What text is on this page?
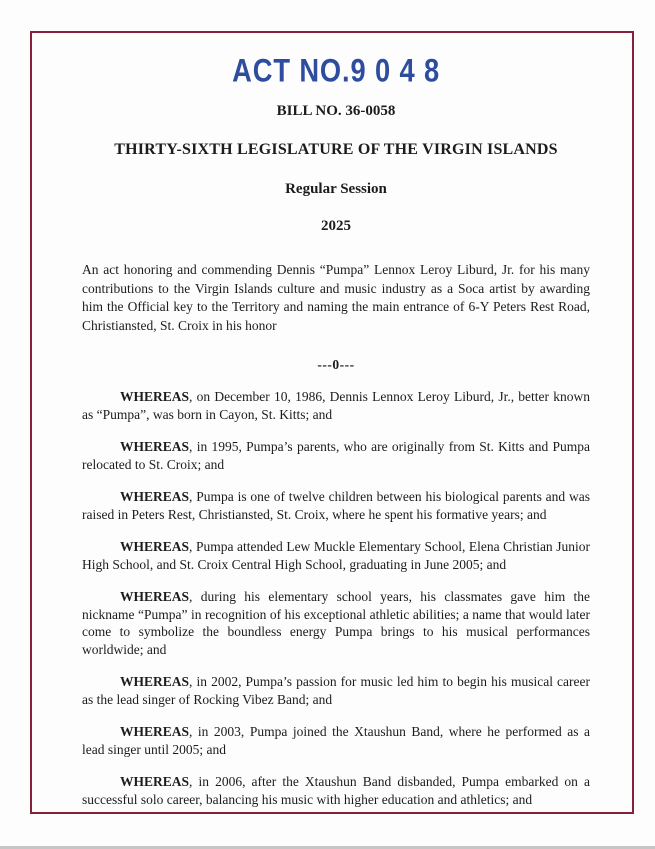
ACT NO.9 0 4 8
BILL NO. 36-0058
THIRTY-SIXTH LEGISLATURE OF THE VIRGIN ISLANDS
Regular Session
2025

An act honoring and commending Dennis “Pumpa” Lennox Leroy Liburd, Jr. for his many contributions to the Virgin Islands culture and music industry as a Soca artist by awarding him the Official key to the Territory and naming the main entrance of 6-Y Peters Rest Road, Christiansted, St. Croix in his honor

---0---

WHEREAS, on December 10, 1986, Dennis Lennox Leroy Liburd, Jr., better known as “Pumpa”, was born in Cayon, St. Kitts; and

WHEREAS, in 1995, Pumpa’s parents, who are originally from St. Kitts and Pumpa relocated to St. Croix; and

WHEREAS, Pumpa is one of twelve children between his biological parents and was raised in Peters Rest, Christiansted, St. Croix, where he spent his formative years; and

WHEREAS, Pumpa attended Lew Muckle Elementary School, Elena Christian Junior High School, and St. Croix Central High School, graduating in June 2005; and

WHEREAS, during his elementary school years, his classmates gave him the nickname “Pumpa” in recognition of his exceptional athletic abilities; a name that would later come to symbolize the boundless energy Pumpa brings to his musical performances worldwide; and

WHEREAS, in 2002, Pumpa’s passion for music led him to begin his musical career as the lead singer of Rocking Vibez Band; and

WHEREAS, in 2003, Pumpa joined the Xtaushun Band, where he performed as a lead singer until 2005; and

WHEREAS, in 2006, after the Xtaushun Band disbanded, Pumpa embarked on a successful solo career, balancing his music with higher education and athletics; and
